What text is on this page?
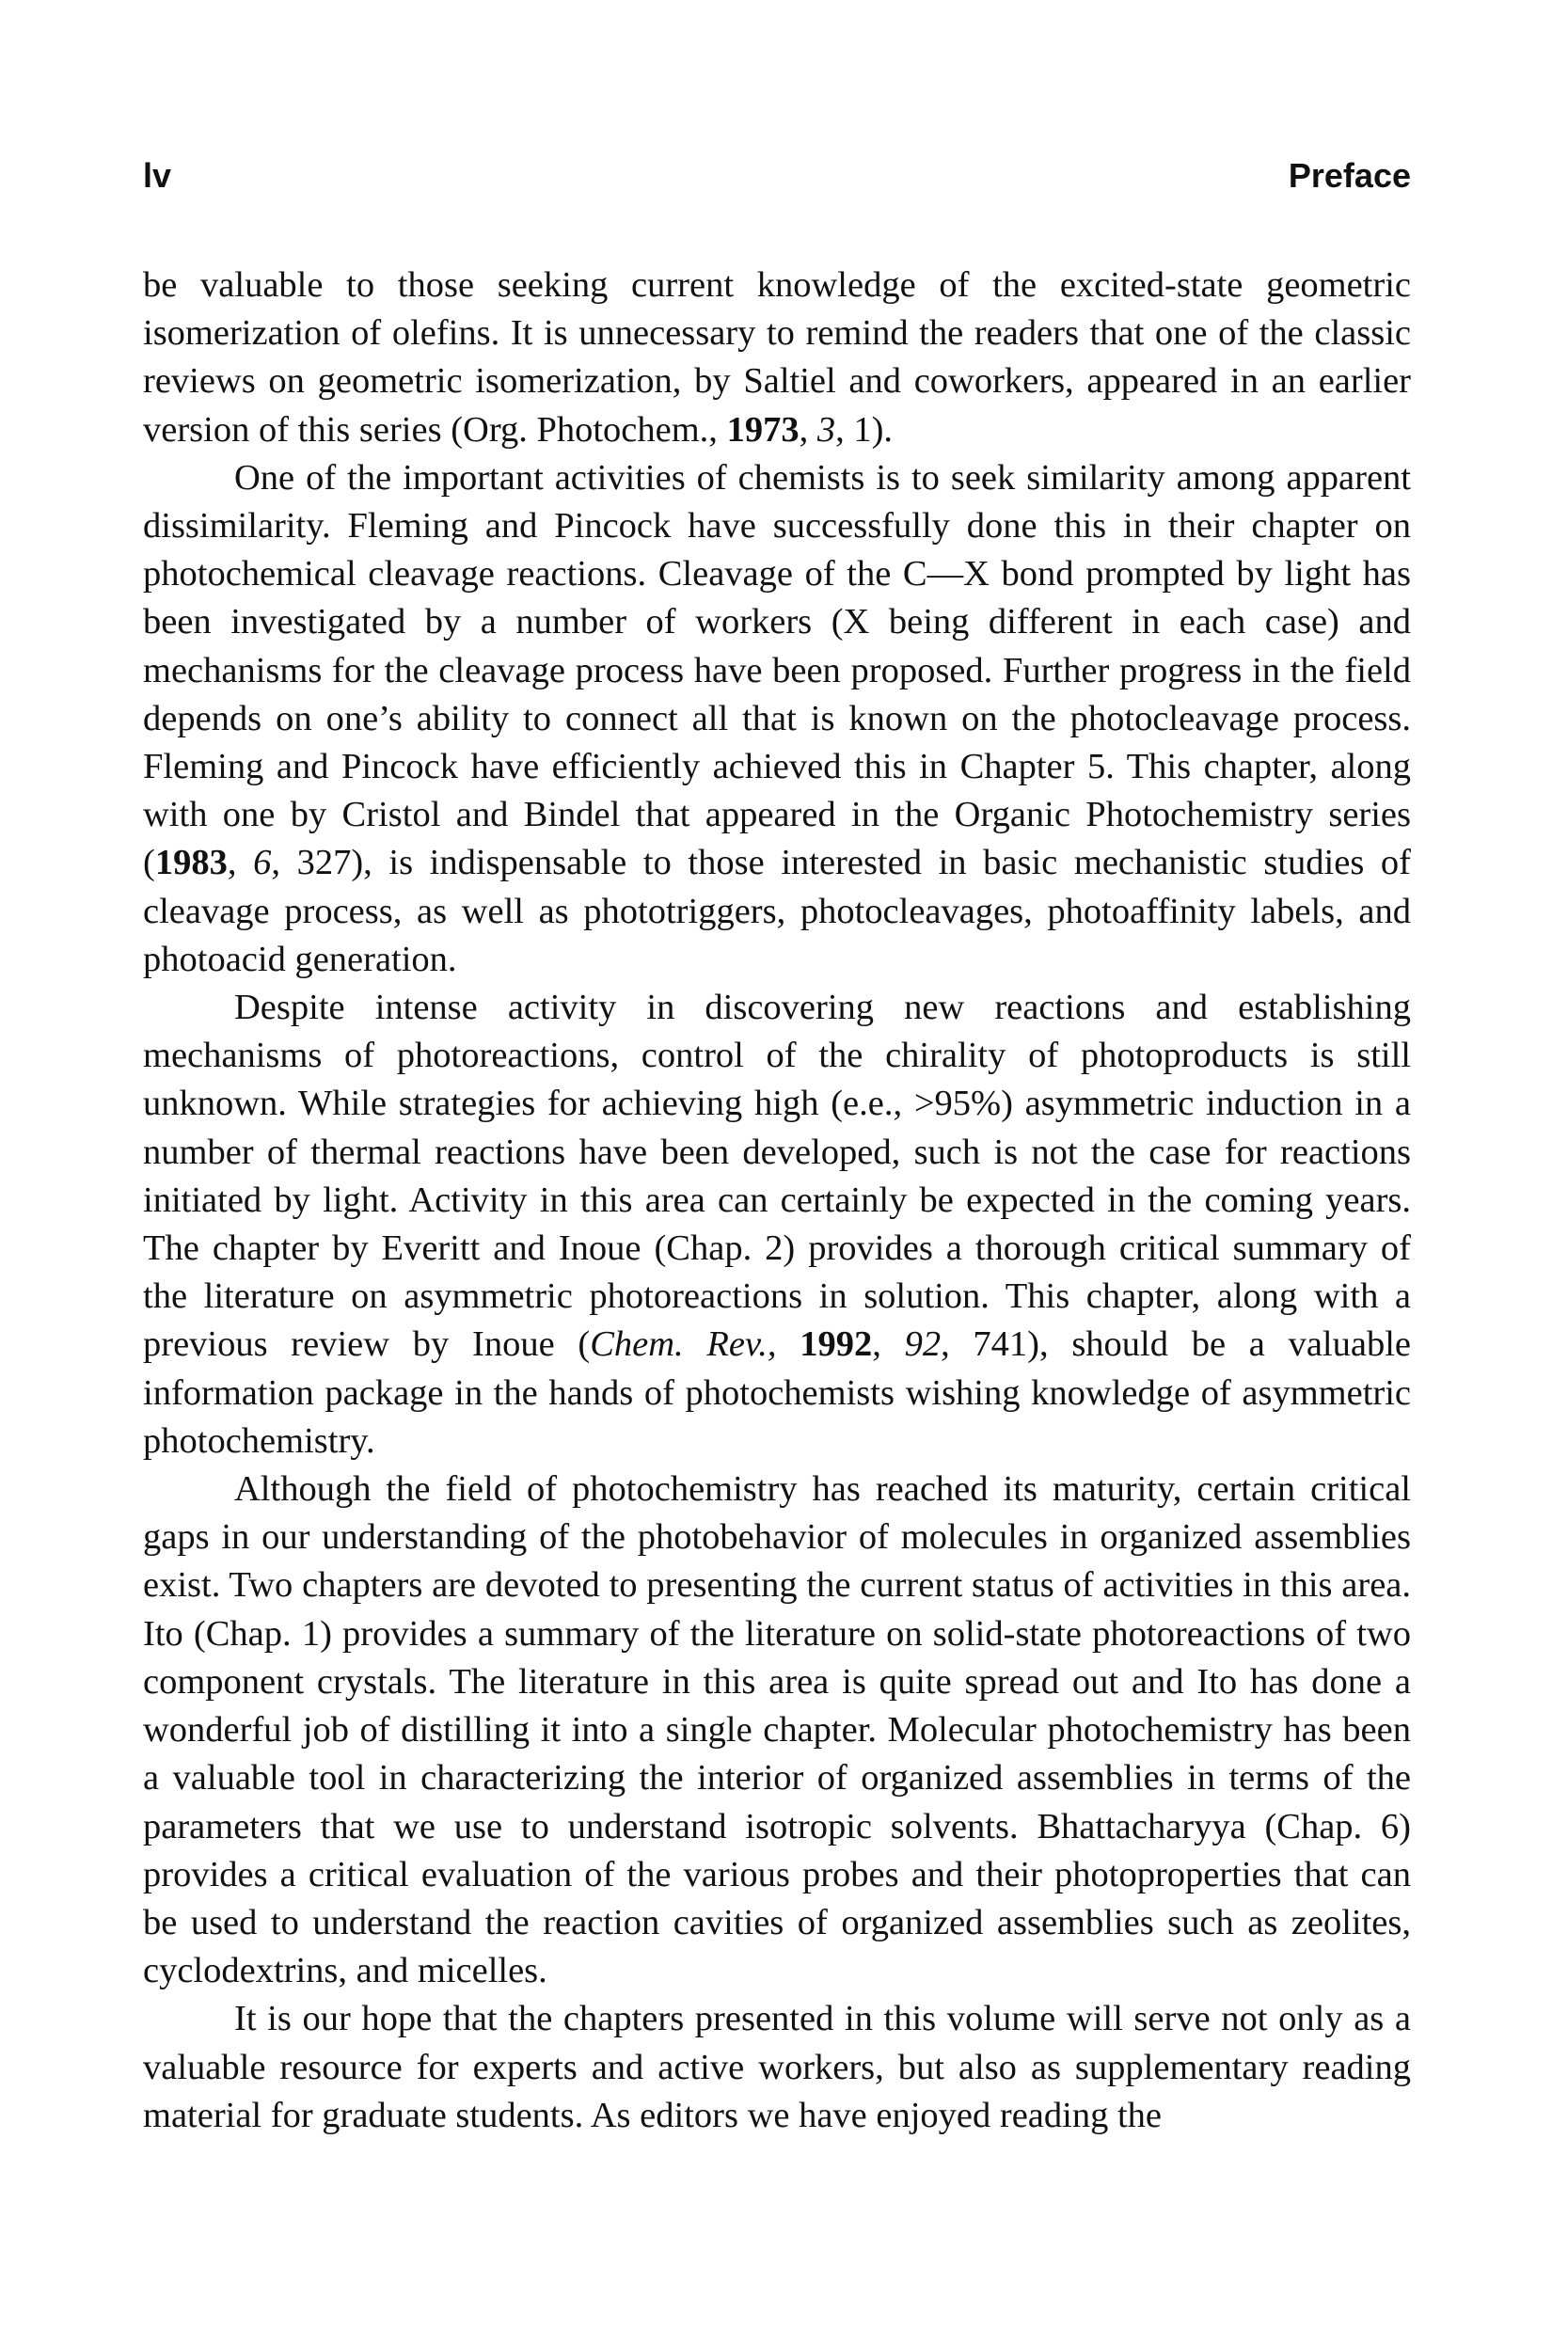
lv	Preface

be valuable to those seeking current knowledge of the excited-state geometric isomerization of olefins. It is unnecessary to remind the readers that one of the classic reviews on geometric isomerization, by Saltiel and coworkers, appeared in an earlier version of this series (Org. Photochem., 1973, 3, 1).

One of the important activities of chemists is to seek similarity among apparent dissimilarity. Fleming and Pincock have successfully done this in their chapter on photochemical cleavage reactions. Cleavage of the C—X bond prompted by light has been investigated by a number of workers (X being different in each case) and mechanisms for the cleavage process have been proposed. Further progress in the field depends on one’s ability to connect all that is known on the photocleavage process. Fleming and Pincock have efficiently achieved this in Chapter 5. This chapter, along with one by Cristol and Bindel that appeared in the Organic Photochemistry series (1983, 6, 327), is indispensable to those interested in basic mechanistic studies of cleavage process, as well as phototriggers, photocleavages, photoaffinity labels, and photoacid generation.

Despite intense activity in discovering new reactions and establishing mechanisms of photoreactions, control of the chirality of photoproducts is still unknown. While strategies for achieving high (e.e., >95%) asymmetric induction in a number of thermal reactions have been developed, such is not the case for reactions initiated by light. Activity in this area can certainly be expected in the coming years. The chapter by Everitt and Inoue (Chap. 2) provides a thorough critical summary of the literature on asymmetric photoreactions in solution. This chapter, along with a previous review by Inoue (Chem. Rev., 1992, 92, 741), should be a valuable information package in the hands of photochemists wishing knowledge of asymmetric photochemistry.

Although the field of photochemistry has reached its maturity, certain critical gaps in our understanding of the photobehavior of molecules in organized assemblies exist. Two chapters are devoted to presenting the current status of activities in this area. Ito (Chap. 1) provides a summary of the literature on solid-state photoreactions of two component crystals. The literature in this area is quite spread out and Ito has done a wonderful job of distilling it into a single chapter. Molecular photochemistry has been a valuable tool in characterizing the interior of organized assemblies in terms of the parameters that we use to understand isotropic solvents. Bhattacharyya (Chap. 6) provides a critical evaluation of the various probes and their photoproperties that can be used to understand the reaction cavities of organized assemblies such as zeolites, cyclodextrins, and micelles.

It is our hope that the chapters presented in this volume will serve not only as a valuable resource for experts and active workers, but also as supplementary reading material for graduate students. As editors we have enjoyed reading the
